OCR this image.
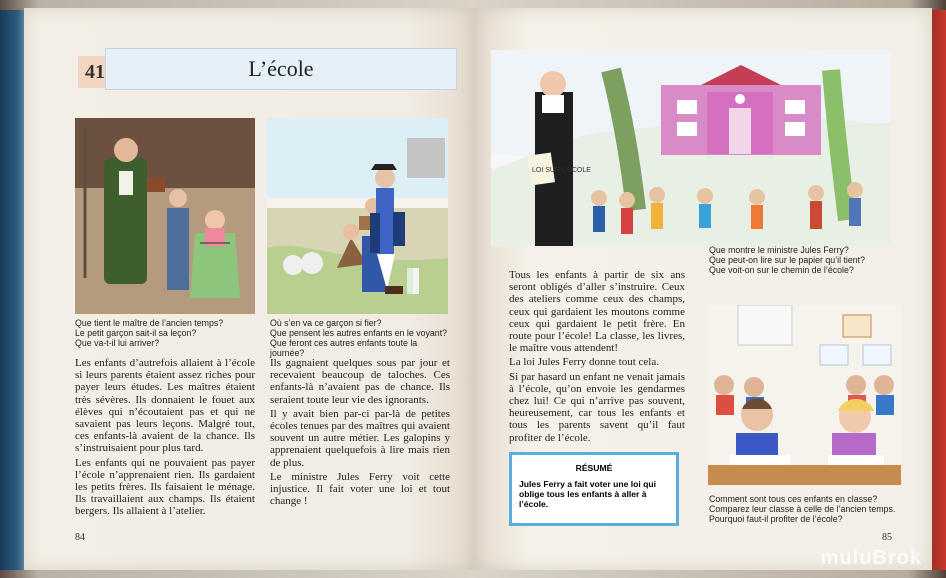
41	L’école
Que tient le maître de l’ancien temps?
Le petit garçon sait-il sa leçon?
Que va-t-il lui arriver?
Où s’en va ce garçon si fier?
Que pensent les autres enfants en le voyant?
Que feront ces autres enfants toute la journée?

Les enfants d’autrefois allaient à l’école si leurs parents étaient assez riches pour payer leurs études. Les maîtres étaient très sévères. Ils donnaient le fouet aux élèves qui n’écoutaient pas et qui ne savaient pas leurs leçons. Malgré tout, ces enfants-là avaient de la chance. Ils s’instruisaient pour plus tard.

Les enfants qui ne pouvaient pas payer l’école n’apprenaient rien. Ils gardaient les petits frères. Ils faisaient le ménage. Ils travaillaient aux champs. Ils étaient bergers. Ils allaient à l’atelier.

Ils gagnaient quelques sous par jour et recevaient beaucoup de taloches. Ces enfants-là n’avaient pas de chance. Ils seraient toute leur vie des ignorants.

Il y avait bien par-ci par-là de petites écoles tenues par des maîtres qui avaient souvent un autre métier. Les galopins y apprenaient quelquefois à lire mais rien de plus.

Le ministre Jules Ferry voit cette injustice. Il fait voter une loi et tout change !

84
LOI SUR L'ÉCOLE
Que montre le ministre Jules Ferry?
Que peut-on lire sur le papier qu’il tient?
Que voit-on sur le chemin de l’école?

Tous les enfants à partir de six ans seront obligés d’aller s’instruire. Ceux des ateliers comme ceux des champs, ceux qui gardaient les moutons comme ceux qui gardaient le petit frère. En route pour l’école! La classe, les livres, le maître vous attendent!

La loi Jules Ferry donne tout cela.

Si par hasard un enfant ne venait jamais à l’école, qu’on envoie les gendarmes chez lui! Ce qui n’arrive pas souvent, heureusement, car tous les enfants et tous les parents savent qu’il faut profiter de l’école.

RÉSUMÉ
Jules Ferry a fait voter une loi qui oblige tous les enfants à aller à l’école.	Comment sont tous ces enfants en classe?
Comparez leur classe à celle de l’ancien temps.
Pourquoi faut-il profiter de l’école?
85
muluBrok
